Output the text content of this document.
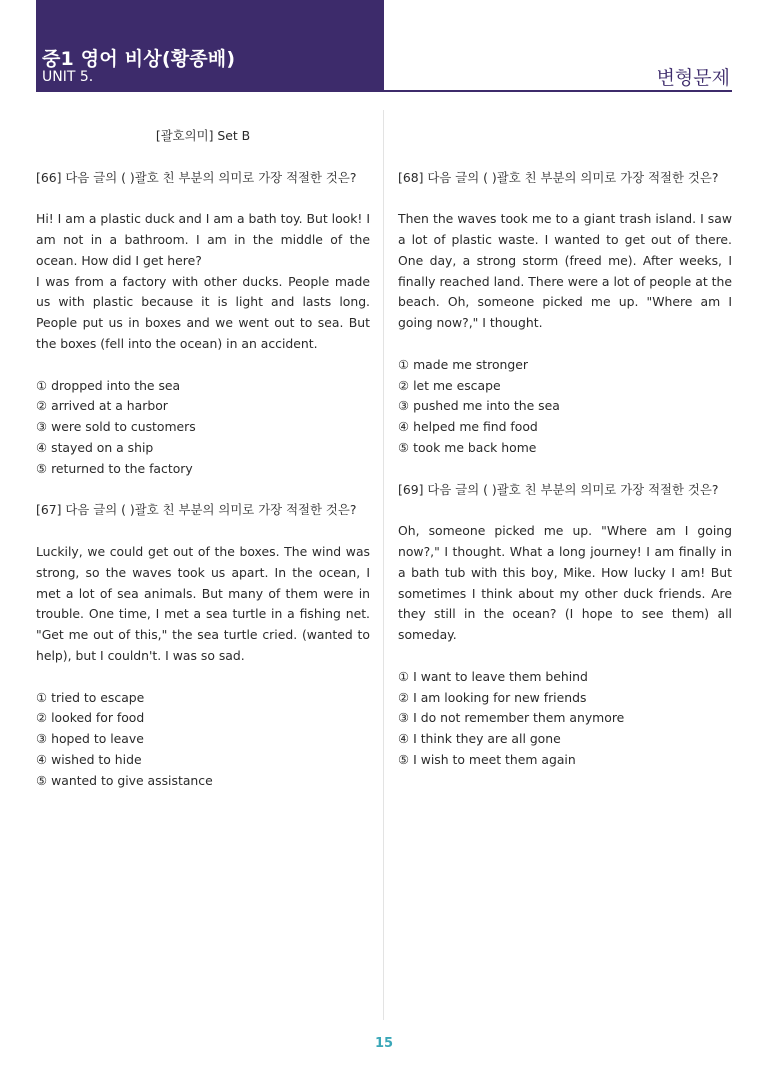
중1 영어 비상(황종배)
UNIT 5.	변형문제

[괄호의미] Set B

[66] 다음 글의 ( )괄호 친 부분의 의미로 가장 적절한 것은?

Hi! I am a plastic duck and I am a bath toy. But look! I am not in a bathroom. I am in the middle of the ocean. How did I get here?

I was from a factory with other ducks. People made us with plastic because it is light and lasts long. People put us in boxes and we went out to sea. But the boxes (fell into the ocean) in an accident.

① dropped into the sea

② arrived at a harbor

③ were sold to customers

④ stayed on a ship

⑤ returned to the factory

[67] 다음 글의 ( )괄호 친 부분의 의미로 가장 적절한 것은?

Luckily, we could get out of the boxes. The wind was strong, so the waves took us apart. In the ocean, I met a lot of sea animals. But many of them were in trouble. One time, I met a sea turtle in a fishing net. "Get me out of this," the sea turtle cried. (wanted to help), but I couldn't. I was so sad.

① tried to escape

② looked for food

③ hoped to leave

④ wished to hide

⑤ wanted to give assistance

[68] 다음 글의 ( )괄호 친 부분의 의미로 가장 적절한 것은?

Then the waves took me to a giant trash island. I saw a lot of plastic waste. I wanted to get out of there. One day, a strong storm (freed me). After weeks, I finally reached land. There were a lot of people at the beach. Oh, someone picked me up. "Where am I going now?," I thought.

① made me stronger

② let me escape

③ pushed me into the sea

④ helped me find food

⑤ took me back home

[69] 다음 글의 ( )괄호 친 부분의 의미로 가장 적절한 것은?

Oh, someone picked me up. "Where am I going now?," I thought. What a long journey! I am finally in a bath tub with this boy, Mike. How lucky I am! But sometimes I think about my other duck friends. Are they still in the ocean? (I hope to see them) all someday.

① I want to leave them behind

② I am looking for new friends

③ I do not remember them anymore

④ I think they are all gone

⑤ I wish to meet them again

15
